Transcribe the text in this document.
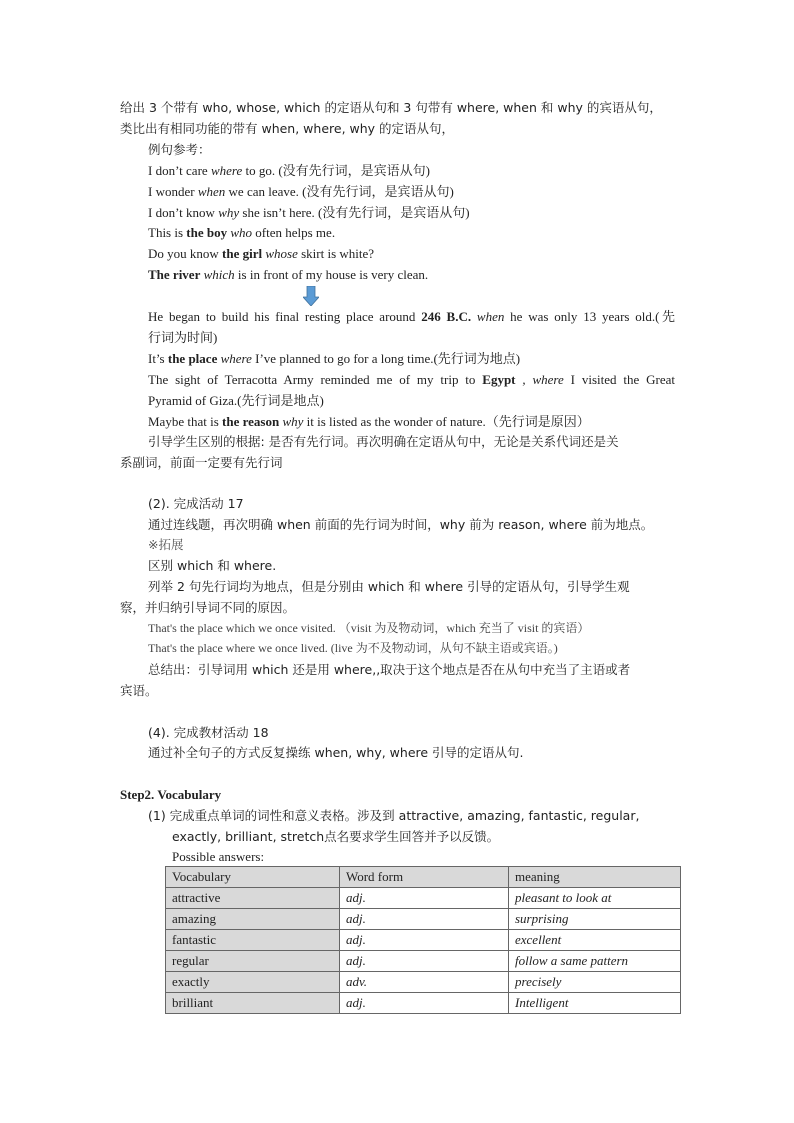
给出 3 个带有 who, whose, which 的定语从句和 3 句带有 where, when 和 why 的宾语从句，
类比出有相同功能的带有 when, where, why 的定语从句，
例句参考：
I don’t care where to go. (没有先行词，是宾语从句)
I wonder when we can leave. (没有先行词，是宾语从句)
I don’t know why she isn’t here. (没有先行词，是宾语从句)
This is the boy who often helps me.
Do you know the girl whose skirt is white?
The river which is in front of my house is very clean.
He began to build his final resting place around 246 B.C. when he was only 13 years old.(先
行词为时间)
It’s the place where I’ve planned to go for a long time.(先行词为地点)
The sight of Terracotta Army reminded me of my trip to Egypt , where I visited the Great
Pyramid of Giza.(先行词是地点)
Maybe that is the reason why it is listed as the wonder of nature.（先行词是原因）
引导学生区别的根据: 是否有先行词。再次明确在定语从句中，无论是关系代词还是关
系副词，前面一定要有先行词
(2). 完成活动 17
通过连线题，再次明确 when 前面的先行词为时间，why 前为 reason, where 前为地点。
※拓展
区别 which 和 where.
列举 2 句先行词均为地点，但是分别由 which 和 where 引导的定语从句，引导学生观
察，并归纳引导词不同的原因。
That's the place which we once visited. （visit 为及物动词，which 充当了 visit 的宾语）
That's the place where we once lived. (live 为不及物动词，从句不缺主语或宾语。)
总结出：引导词用 which 还是用 where,,取决于这个地点是否在从句中充当了主语或者
宾语。
(4). 完成教材活动 18
通过补全句子的方式反复操练 when, why, where 引导的定语从句.
Step2. Vocabulary
(1) 完成重点单词的词性和意义表格。涉及到 attractive, amazing, fantastic, regular,
exactly, brilliant, stretch点名要求学生回答并予以反馈。
Possible answers:
Vocabulary	Word form	meaning
attractive	adj.	pleasant to look at
amazing	adj.	surprising
fantastic	adj.	excellent
regular	adj.	follow a same pattern
exactly	adv.	precisely
brilliant	adj.	Intelligent
